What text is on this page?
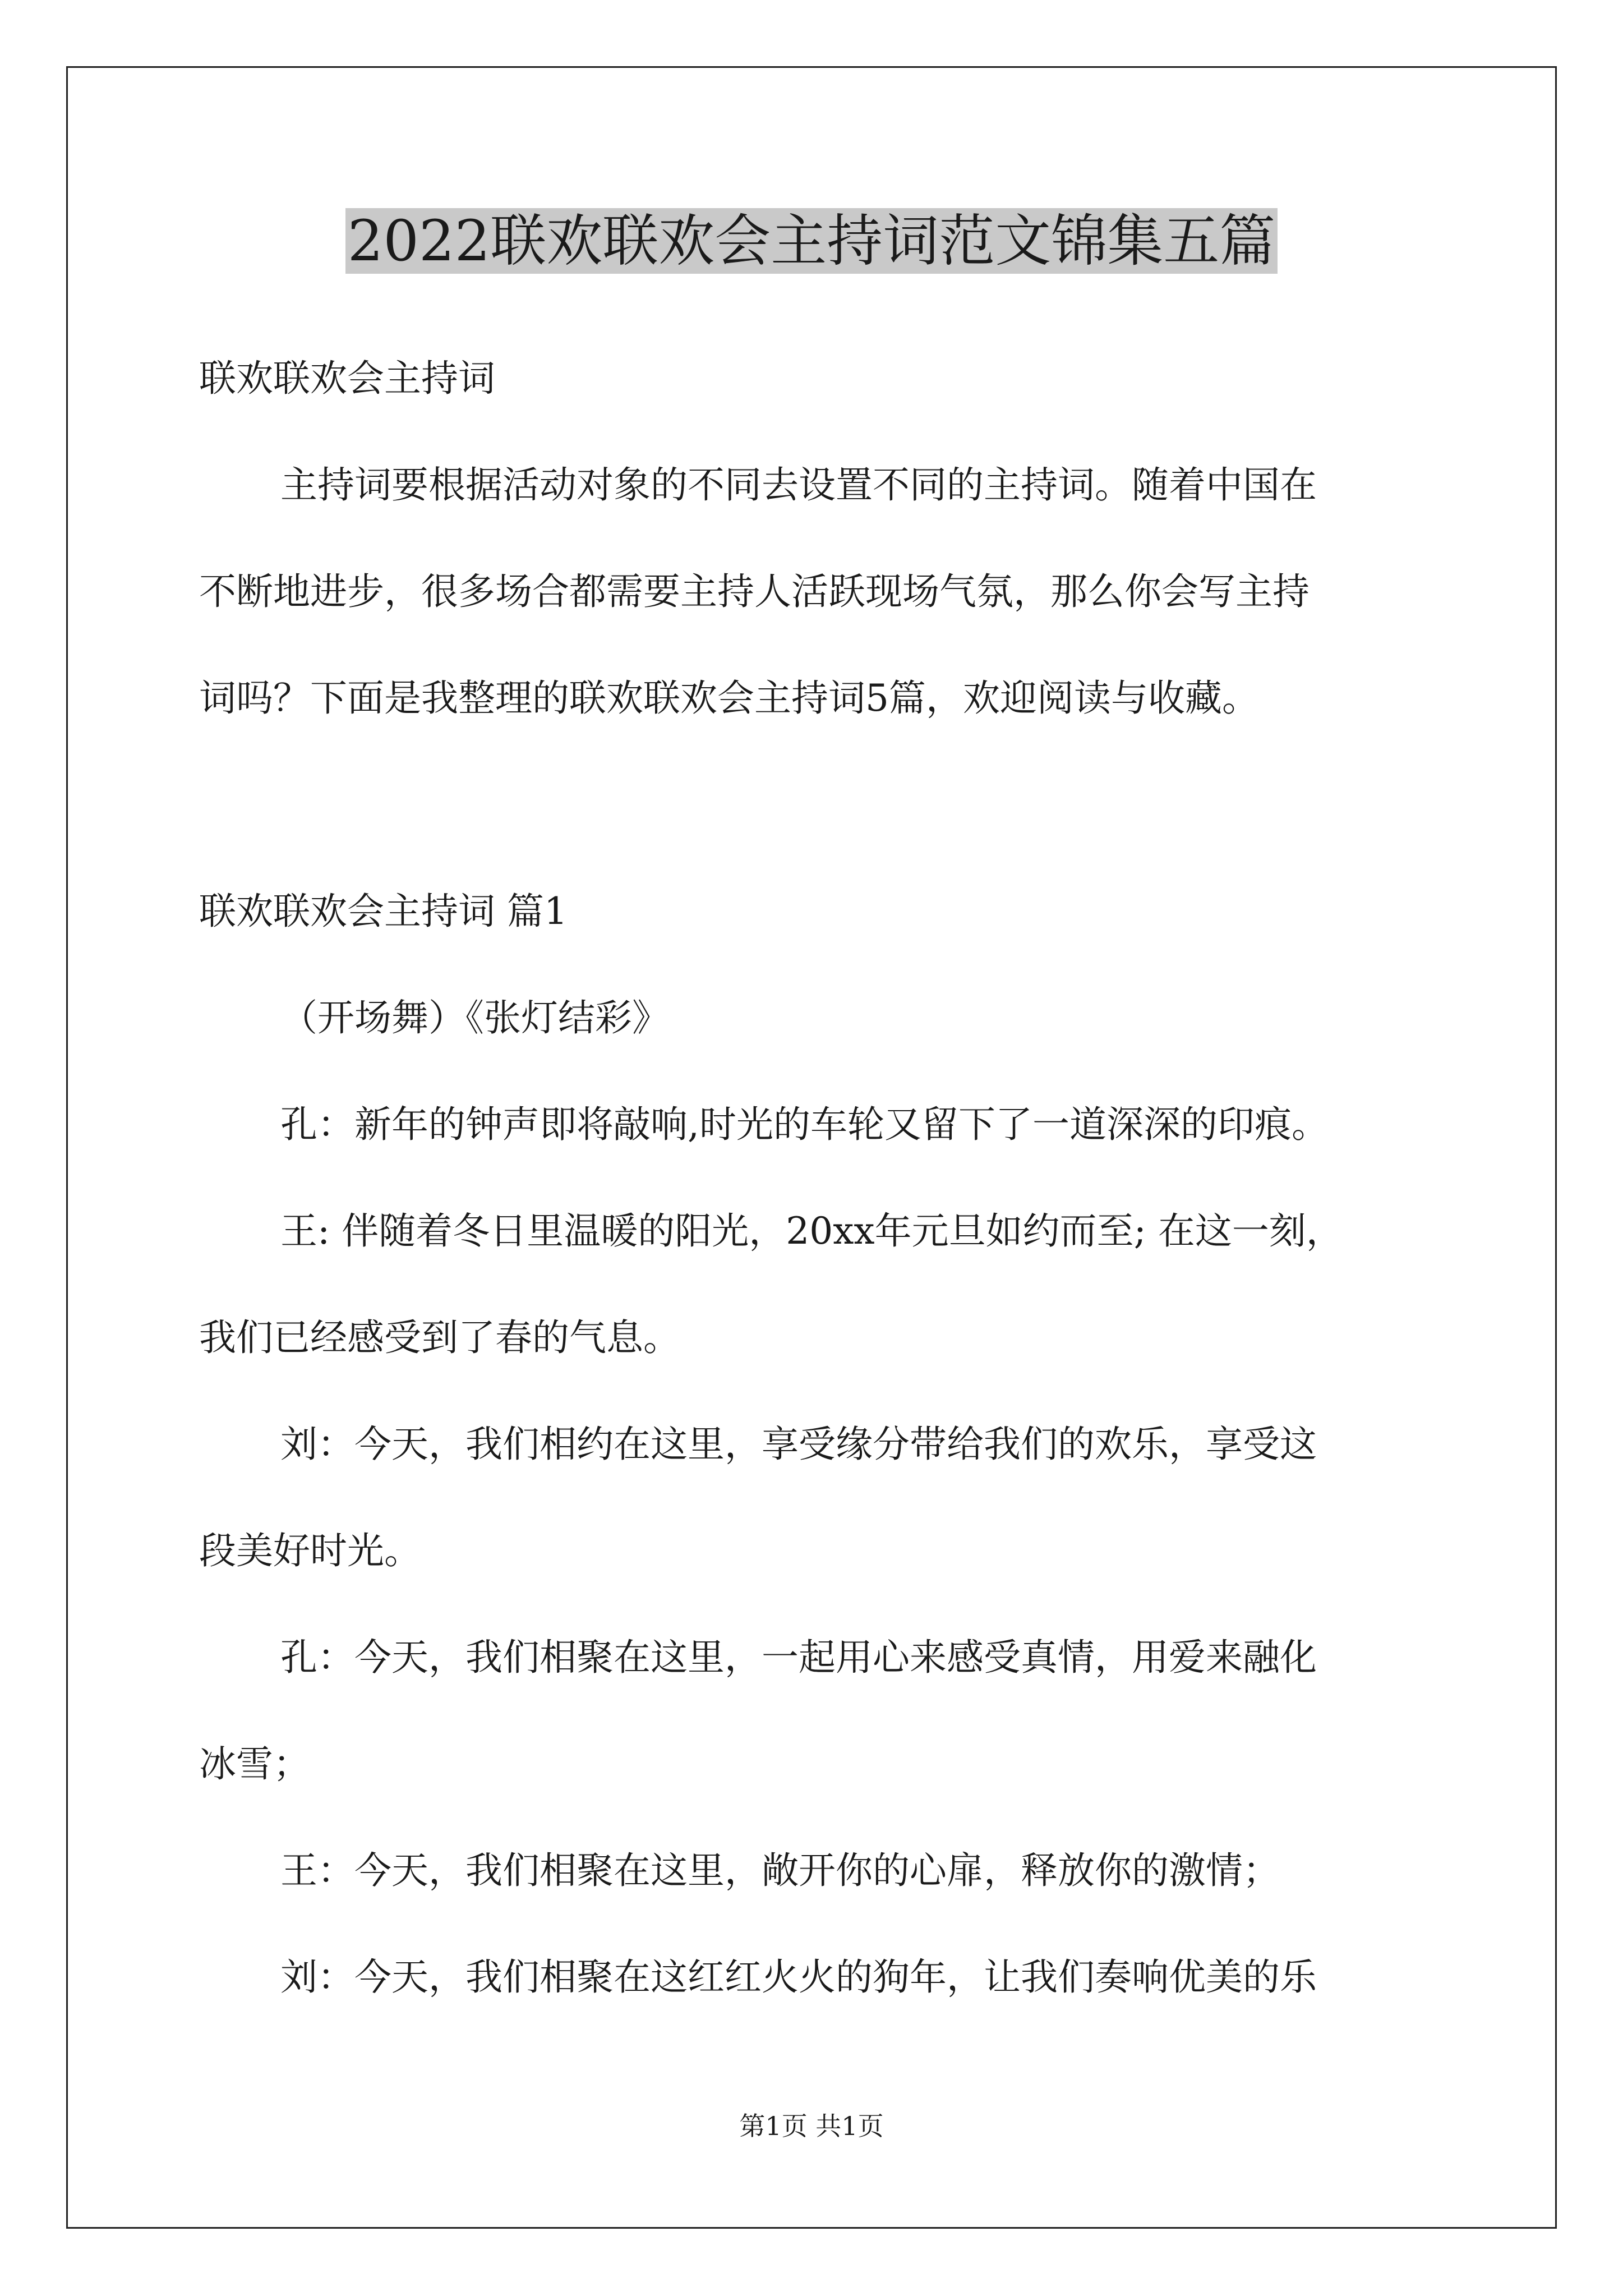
2022联欢联欢会主持词范文锦集五篇
联欢联欢会主持词
主持词要根据活动对象的不同去设置不同的主持词。随着中国在
不断地进步，很多场合都需要主持人活跃现场气氛，那么你会写主持
词吗？下面是我整理的联欢联欢会主持词5篇，欢迎阅读与收藏。
联欢联欢会主持词 篇1
（开场舞）《张灯结彩》
孔：新年的钟声即将敲响,时光的车轮又留下了一道深深的印痕。
王: 伴随着冬日里温暖的阳光，20xx年元旦如约而至; 在这一刻，
我们已经感受到了春的气息。
刘：今天，我们相约在这里，享受缘分带给我们的欢乐，享受这
段美好时光。
孔：今天，我们相聚在这里，一起用心来感受真情，用爱来融化
冰雪；
王：今天，我们相聚在这里，敞开你的心扉，释放你的激情；
刘：今天，我们相聚在这红红火火的狗年，让我们奏响优美的乐
第1页 共1页
